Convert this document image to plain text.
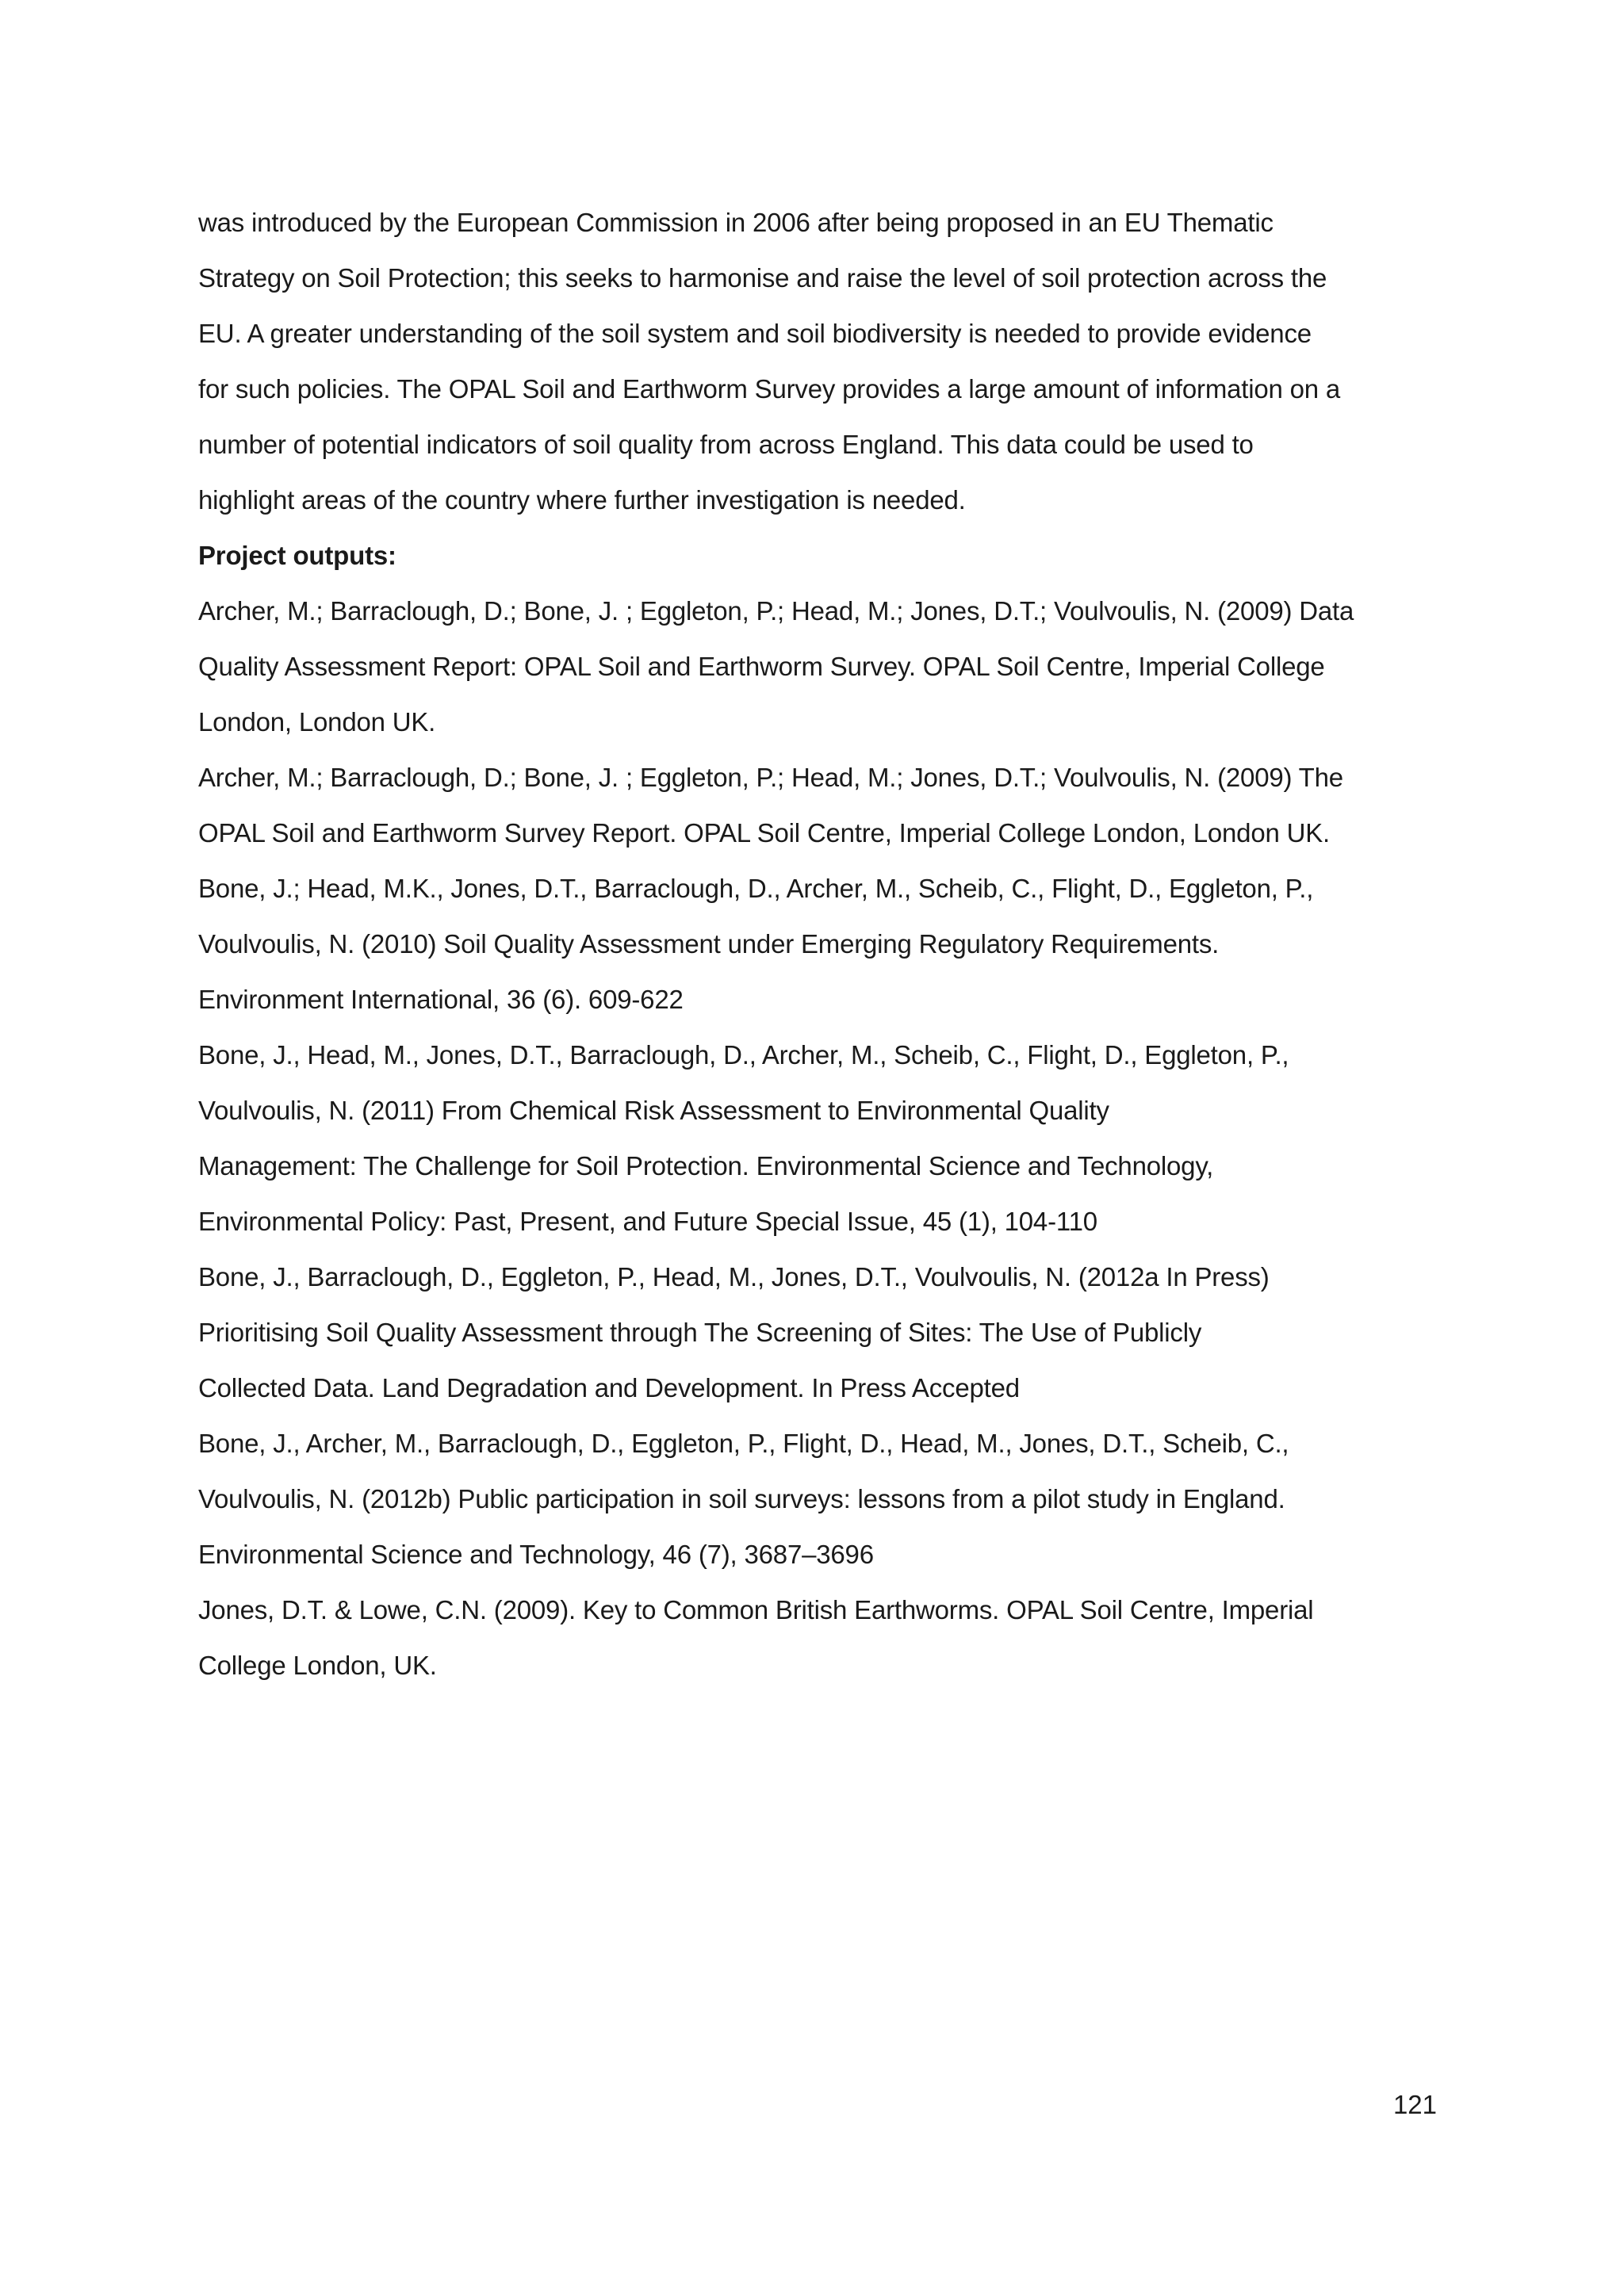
was introduced by the European Commission in 2006 after being proposed in an EU Thematic
Strategy on Soil Protection; this seeks to harmonise and raise the level of soil protection across the
EU. A greater understanding of the soil system and soil biodiversity is needed to provide evidence
for such policies. The OPAL Soil and Earthworm Survey provides a large amount of information on a
number of potential indicators of soil quality from across England. This data could be used to
highlight areas of the country where further investigation is needed.
Project outputs:
Archer, M.; Barraclough, D.; Bone, J. ; Eggleton, P.; Head, M.; Jones, D.T.; Voulvoulis, N. (2009) Data
Quality Assessment Report: OPAL Soil and Earthworm Survey. OPAL Soil Centre, Imperial College
London, London UK.
Archer, M.; Barraclough, D.; Bone, J. ; Eggleton, P.; Head, M.; Jones, D.T.; Voulvoulis, N. (2009) The
OPAL Soil and Earthworm Survey Report. OPAL Soil Centre, Imperial College London, London UK.
Bone, J.; Head, M.K., Jones, D.T., Barraclough, D., Archer, M., Scheib, C., Flight, D., Eggleton, P.,
Voulvoulis, N. (2010) Soil Quality Assessment under Emerging Regulatory Requirements.
Environment International, 36 (6). 609-622
Bone, J., Head, M., Jones, D.T., Barraclough, D., Archer, M., Scheib, C., Flight, D., Eggleton, P.,
Voulvoulis, N. (2011) From Chemical Risk Assessment to Environmental Quality
Management: The Challenge for Soil Protection. Environmental Science and Technology,
Environmental Policy: Past, Present, and Future Special Issue, 45 (1), 104-110
Bone, J., Barraclough, D., Eggleton, P., Head, M., Jones, D.T., Voulvoulis, N. (2012a In Press)
Prioritising Soil Quality Assessment through The Screening of Sites: The Use of Publicly
Collected Data. Land Degradation and Development. In Press Accepted
Bone, J., Archer, M., Barraclough, D., Eggleton, P., Flight, D., Head, M., Jones, D.T., Scheib, C.,
Voulvoulis, N. (2012b) Public participation in soil surveys: lessons from a pilot study in England.
Environmental Science and Technology, 46 (7), 3687–3696
Jones, D.T. & Lowe, C.N. (2009). Key to Common British Earthworms. OPAL Soil Centre, Imperial
College London, UK.
121
